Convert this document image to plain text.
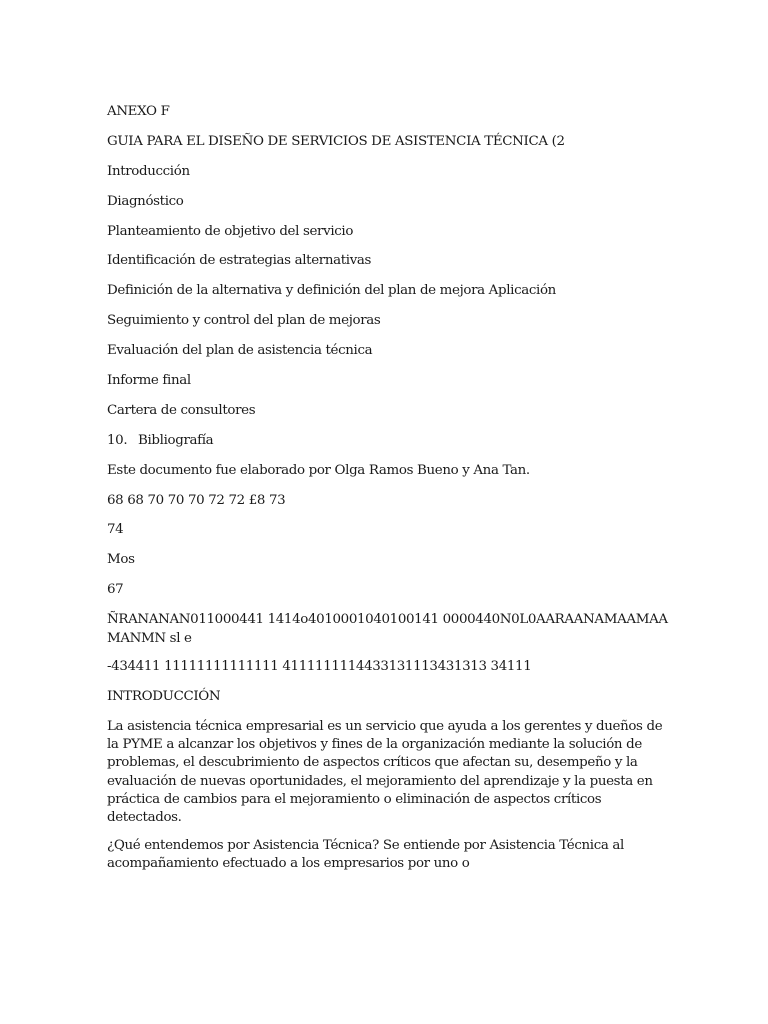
ANEXO F
GUIA PARA EL DISEÑO DE SERVICIOS DE ASISTENCIA TÉCNICA (2
Introducción
Diagnóstico
Planteamiento de objetivo del servicio
Identificación de estrategias alternativas
Definición de la alternativa y definición del plan de mejora Aplicación
Seguimiento y control del plan de mejoras
Evaluación del plan de asistencia técnica
Informe final
Cartera de consultores
10. Bibliografía
Este documento fue elaborado por Olga Ramos Bueno y Ana Tan.
68 68 70 70 70 72 72 £8 73
74
Mos
67
ÑRANANAN011000441 1414o4010001040100141 0000440N0L0AARAANAMAAMAA MANMN sl e
-434411 11111111111111 4111111114433131113431313 34111
INTRODUCCIÓN
La asistencia técnica empresarial es un servicio que ayuda a los gerentes y dueños de la PYME a alcanzar los objetivos y fines de la organización mediante la solución de problemas, el descubrimiento de aspectos críticos que afectan su, desempeño y la evaluación de nuevas oportunidades, el mejoramiento del aprendizaje y la puesta en práctica de cambios para el mejoramiento o eliminación de aspectos críticos detectados.
¿Qué entendemos por Asistencia Técnica? Se entiende por Asistencia Técnica al acompañamiento efectuado a los empresarios por uno o
